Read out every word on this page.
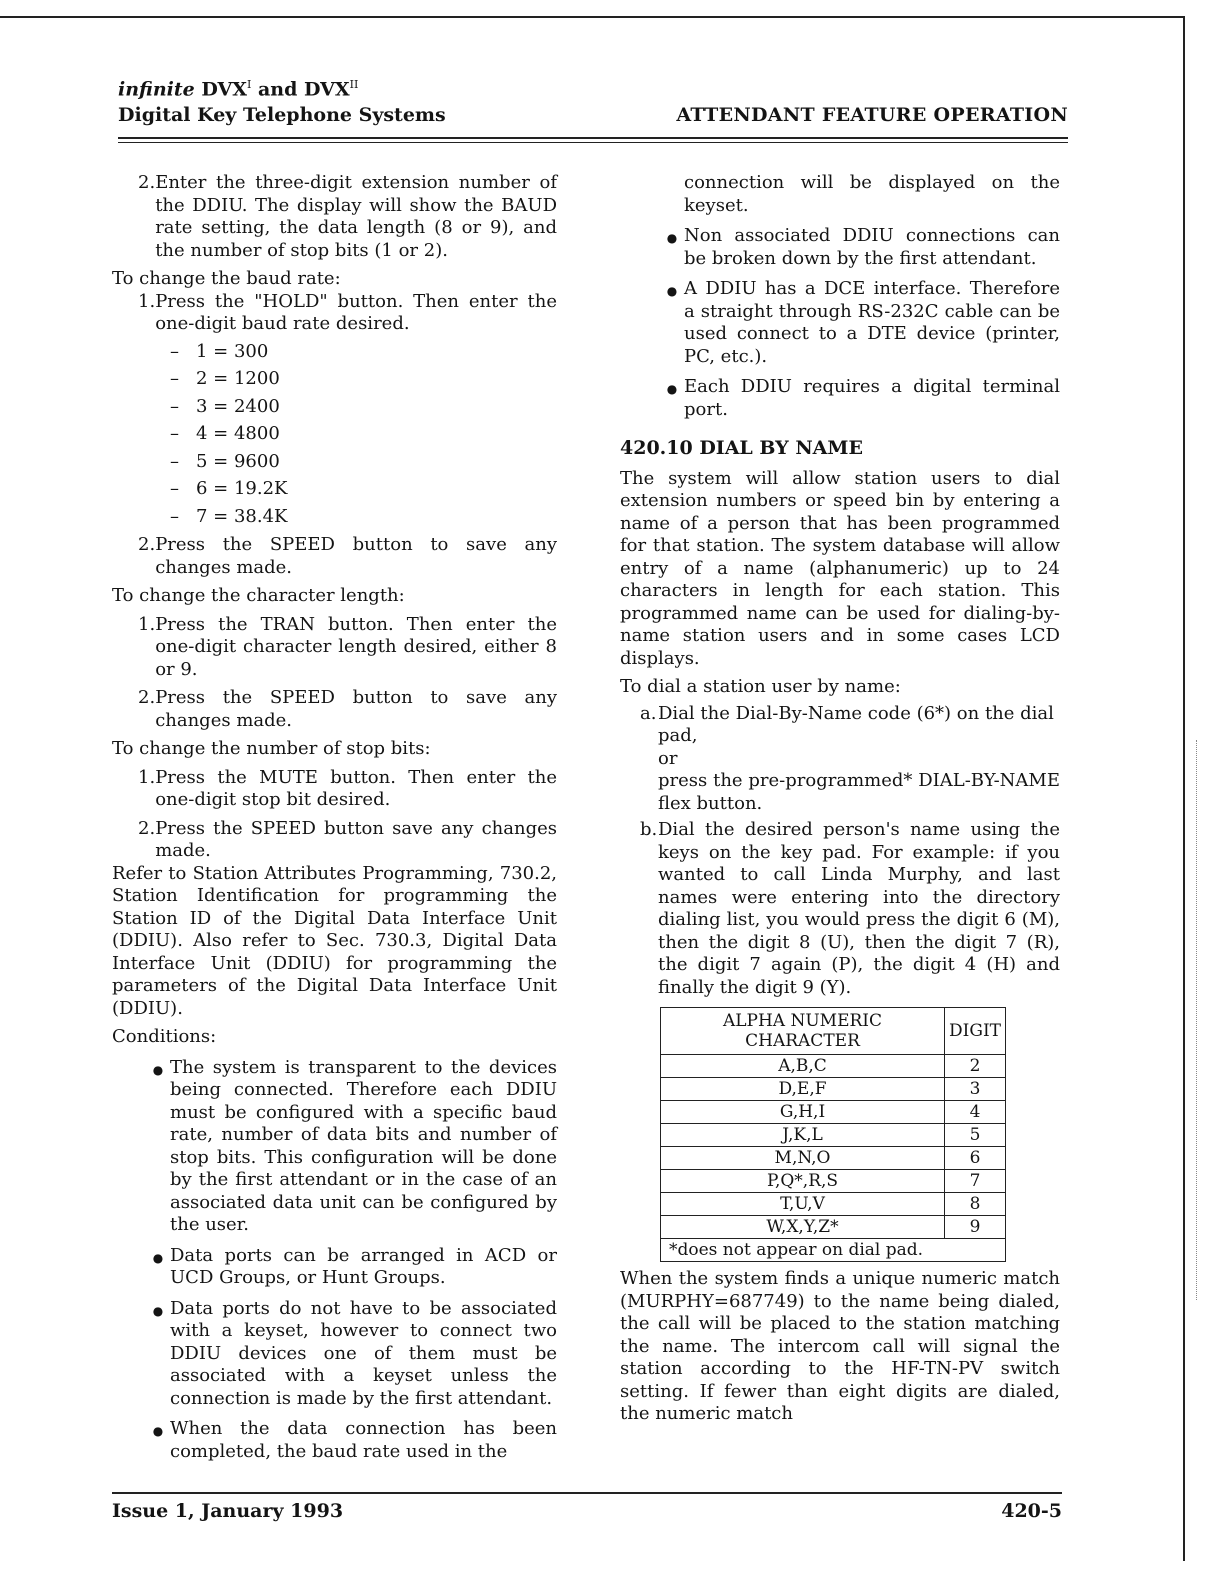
infinite $DVX^I$ and $DVX^{II}$
Digital Key Telephone Systems	ATTENDANT FEATURE OPERATION
2. Enter the three-digit extension number of the DDIU. The display will show the BAUD rate setting, the data length (8 or 9), and the number of stop bits (1 or 2).

To change the baud rate:

1. Press the "HOLD" button. Then enter the one-digit baud rate desired.
– 1 = 300
– 2 = 1200
– 3 = 2400
– 4 = 4800
– 5 = 9600
– 6 = 19.2K
– 7 = 38.4K
2. Press the SPEED button to save any changes made.

To change the character length:

1. Press the TRAN button. Then enter the one-digit character length desired, either 8 or 9.
2. Press the SPEED button to save any changes made.

To change the number of stop bits:

1. Press the MUTE button. Then enter the one-digit stop bit desired.
2. Press the SPEED button save any changes made.

Refer to Station Attributes Programming, 730.2, Station Identification for programming the Station ID of the Digital Data Interface Unit (DDIU). Also refer to Sec. 730.3, Digital Data Interface Unit (DDIU) for programming the parameters of the Digital Data Interface Unit (DDIU).

Conditions:

● The system is transparent to the devices being connected. Therefore each DDIU must be configured with a specific baud rate, number of data bits and number of stop bits. This configuration will be done by the first attendant or in the case of an associated data unit can be configured by the user.
● Data ports can be arranged in ACD or UCD Groups, or Hunt Groups.
● Data ports do not have to be associated with a keyset, however to connect two DDIU devices one of them must be associated with a keyset unless the connection is made by the first attendant.
● When the data connection has been completed, the baud rate used in the

connection will be displayed on the keyset.

● Non associated DDIU connections can be broken down by the first attendant.
● A DDIU has a DCE interface. Therefore a straight through RS-232C cable can be used connect to a DTE device (printer, PC, etc.).
● Each DDIU requires a digital terminal port.
420.10 DIAL BY NAME

The system will allow station users to dial extension numbers or speed bin by entering a name of a person that has been programmed for that station. The system database will allow entry of a name (alphanumeric) up to 24 characters in length for each station. This programmed name can be used for dialing-by-name station users and in some cases LCD displays.

To dial a station user by name:

a. Dial the Dial-By-Name code (6*) on the dial pad,

or

press the pre-programmed* DIAL-BY-NAME flex button.

b. Dial the desired person's name using the keys on the key pad. For example: if you wanted to call Linda Murphy, and last names were entering into the directory dialing list, you would press the digit 6 (M), then the digit 8 (U), then the digit 7 (R), the digit 7 again (P), the digit 4 (H) and finally the digit 9 (Y).

ALPHA NUMERIC CHARACTER	DIGIT
A,B,C	2
D,E,F	3
G,H,I	4
J,K,L	5
M,N,O	6
P,Q*,R,S	7
T,U,V	8
W,X,Y,Z*	9
*does not appear on dial pad.	

When the system finds a unique numeric match (MURPHY=687749) to the name being dialed, the call will be placed to the station matching the name. The intercom call will signal the station according to the HF-TN-PV switch setting. If fewer than eight digits are dialed, the numeric match

Issue 1, January 1993	420-5
